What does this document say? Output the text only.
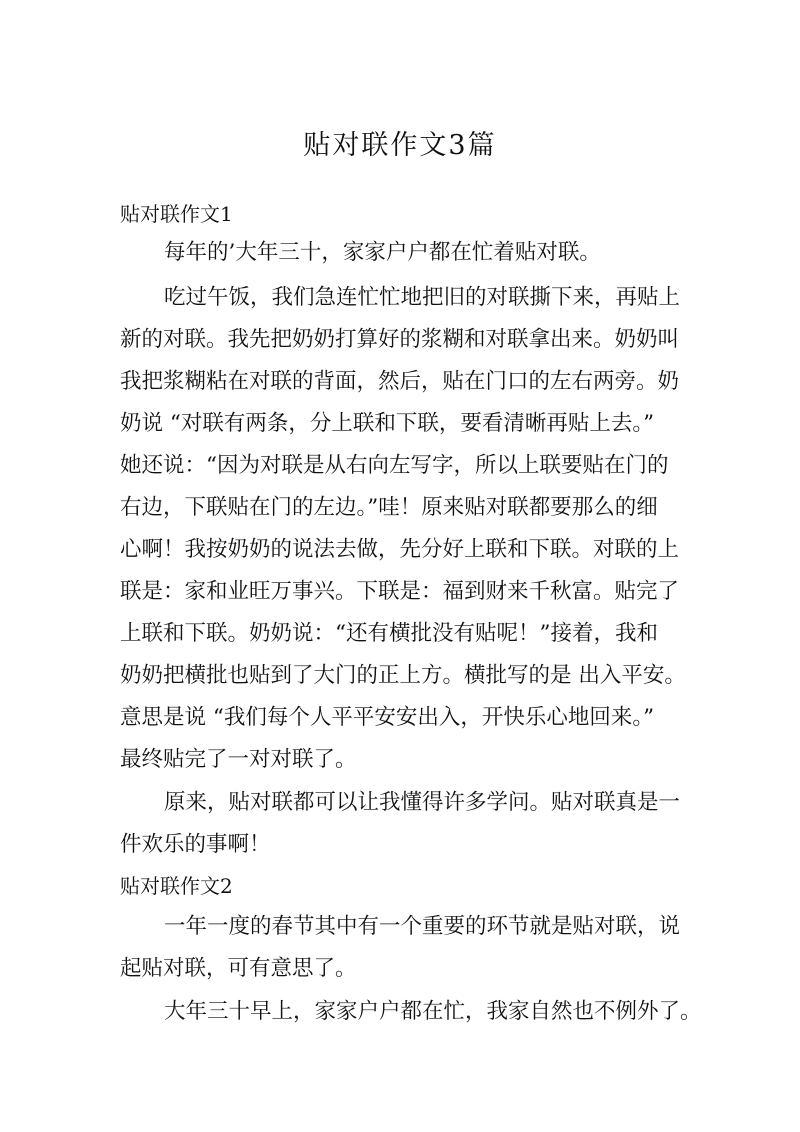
贴对联作文3篇

贴对联作文1

每年的’大年三十，家家户户都在忙着贴对联。

吃过午饭，我们急连忙忙地把旧的对联撕下来，再贴上

新的对联。我先把奶奶打算好的浆糊和对联拿出来。奶奶叫

我把浆糊粘在对联的背面，然后，贴在门口的左右两旁。奶

奶说 “对联有两条，分上联和下联，要看清晰再贴上去。”

她还说：“因为对联是从右向左写字，所以上联要贴在门的

右边，下联贴在门的左边。”哇！原来贴对联都要那么的细

心啊！我按奶奶的说法去做，先分好上联和下联。对联的上

联是：家和业旺万事兴。下联是：福到财来千秋富。贴完了

上联和下联。奶奶说：“还有横批没有贴呢！”接着，我和

奶奶把横批也贴到了大门的正上方。横批写的是 出入平安。

意思是说 “我们每个人平平安安出入，开快乐心地回来。”

最终贴完了一对对联了。

原来，贴对联都可以让我懂得许多学问。贴对联真是一

件欢乐的事啊！

贴对联作文2

一年一度的春节其中有一个重要的环节就是贴对联，说

起贴对联，可有意思了。

大年三十早上，家家户户都在忙，我家自然也不例外了。
